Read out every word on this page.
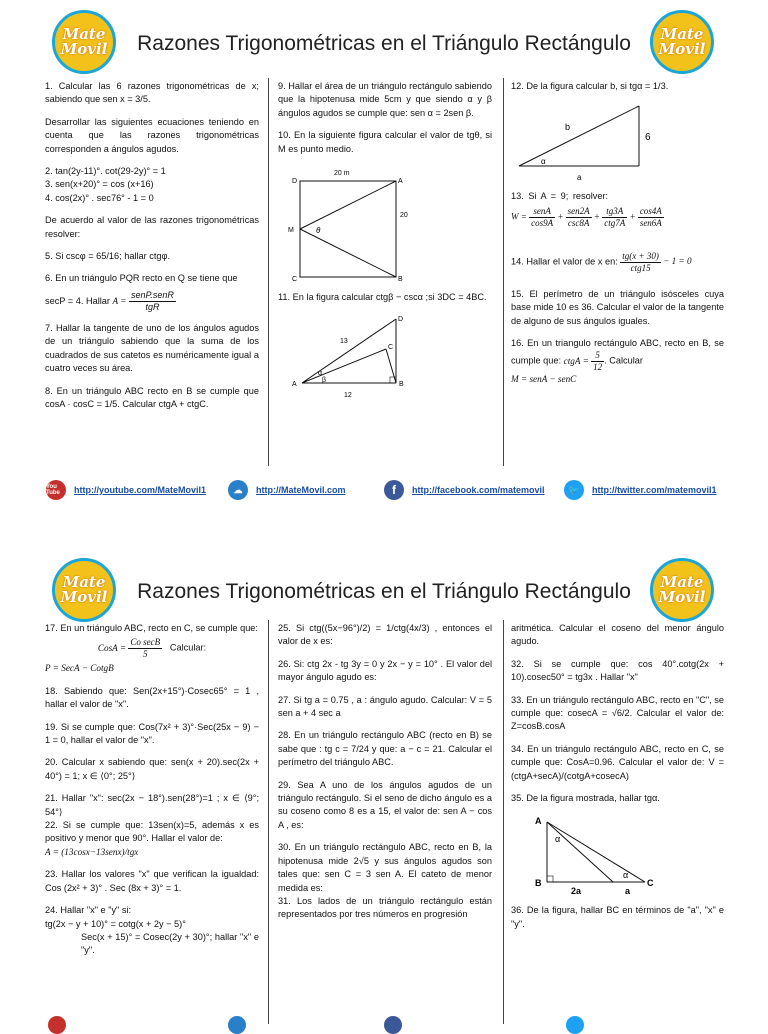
Mate
Movil	Razones Trigonométricas en el Triángulo Rectángulo	Mate
Movil

1. Calcular las 6 razones trigonométricas de x; sabiendo que sen x = 3/5.

Desarrollar las siguientes ecuaciones teniendo en cuenta que las razones trigonométricas corresponden a ángulos agudos.

2. tan(2y-11)°. cot(29-2y)° = 1
3. sen(x+20)° = cos (x+16)

4. cos(2x)° . sec76° - 1 = 0

De acuerdo al valor de las razones trigonométricas resolver:

5. Si cscφ = 65/16; hallar ctgφ.

6. En un triángulo PQR recto en Q se tiene que

secP = 4. Hallar $A = \frac{\text{senP.senR}}{\text{tgR}}$

7. Hallar la tangente de uno de los ángulos agudos de un triángulo sabiendo que la suma de los cuadrados de sus catetos es numéricamente igual a cuatro veces su área.

8. En un triángulo ABC recto en B se cumple que cosA · cosC = 1/5. Calcular ctgA + ctgC.

9. Hallar el área de un triángulo rectángulo sabiendo que la hipotenusa mide 5cm y que siendo α y β ángulos agudos se cumple que: sen α = 2sen β.

10. En la siguiente figura calcular el valor de tgθ, si M es punto medio.

20 m
20
D	A
M
C	B
θ

11. En la figura calcular ctgβ − cscα ;si 3DC = 4BC.

D
C
A	B
13
12
α
β

12. De la figura calcular b, si tgα = 1/3.

b
6
a
α
13. Si A = 9; resolver:
$W = \frac{\text{senA}}{\cos 9A} + \frac{\text{sen2A}}{\csc 8A} + \frac{tg3A}{\text{ctg7A}} + \frac{\cos 4A}{\text{sen6A}}$

14. Hallar el valor de x en: $\frac{tg(x + 30)}{\text{ctg15}} - 1 = 0$

15. El perímetro de un triángulo isósceles cuya base mide 10 es 36. Calcular el valor de la tangente de alguno de sus ángulos iguales.

16. En un triangulo rectángulo ABC, recto en B, se cumple que: ctgA = $\frac{5}{12}$ . Calcular
M = senA − senC

You Tube	http://youtube.com/MateMovil1	☁	http://MateMovil.com	f	http://facebook.com/matemovil	🐦	http://twitter.com/matemovil1
Mate
Movil	Razones Trigonométricas en el Triángulo Rectángulo	Mate
Movil
17. En un triángulo ABC, recto en C, se cumple que:
CosA = $\frac{\text{Co secB}}{5}$ Calcular:

P = SecA − CotgB

18. Sabiendo que: Sen(2x+15°)·Cosec65° = 1 , hallar el valor de "x".

19. Si se cumple que: Cos(7x² + 3)°·Sec(25x − 9) − 1 = 0, hallar el valor de "x".

20. Calcular x sabiendo que: sen(x + 20).sec(2x + 40°) = 1; x ∈ ⟨0°; 25°⟩

21. Hallar "x": sec(2x − 18°).sen(28°)=1 ; x ∈ ⟨9°; 54°⟩
22. Si se cumple que: 13sen(x)=5, además x es positivo y menor que 90°. Hallar el valor de:

A = (13cosx−13senx)/tgx

23. Hallar los valores "x" que verifican la igualdad: Cos (2x² + 3)° . Sec (8x + 3)° = 1.

24. Hallar "x" e "y" si:
tg(2x − y + 10)° = cotg(x + 2y − 5)°
Sec(x + 15)° = Cosec(2y + 30)°; hallar "x" e "y".

25. Si ctg((5x−96°)/2) = 1/ctg(4x/3) , entonces el valor de x es:

26. Si: ctg 2x - tg 3y = 0 y 2x − y = 10° . El valor del mayor ángulo agudo es:

27. Si tg a = 0.75 , a : ángulo agudo. Calcular: V = 5 sen a + 4 sec a

28. En un triángulo rectángulo ABC (recto en B) se sabe que : tg c = 7/24 y que: a − c = 21. Calcular el perímetro del triángulo ABC.

29. Sea A uno de los ángulos agudos de un triángulo rectángulo. Si el seno de dicho ángulo es a su coseno como 8 es a 15, el valor de: sen A − cos A , es:

30. En un triángulo rectángulo ABC, recto en B, la hipotenusa mide 2√5 y sus ángulos agudos son tales que: sen C = 3 sen A. El cateto de menor medida es:
31. Los lados de un triángulo rectángulo están representados por tres números en progresión

aritmética. Calcular el coseno del menor ángulo agudo.

32. Si se cumple que: cos 40°.cotg(2x + 10).cosec50° = tg3x . Hallar "x"

33. En un triángulo rectángulo ABC, recto en "C", se cumple que: cosecA = √6/2. Calcular el valor de: Z=cosB.cosA

34. En un triángulo rectángulo ABC, recto en C, se cumple que: CosA=0.96. Calcular el valor de: V = (ctgA+secA)/(cotgA+cosecA)

35. De la figura mostrada, hallar tgα.

A
B	C
α
α
2a	a

36. De la figura, hallar BC en términos de "a", "x" e "y".
